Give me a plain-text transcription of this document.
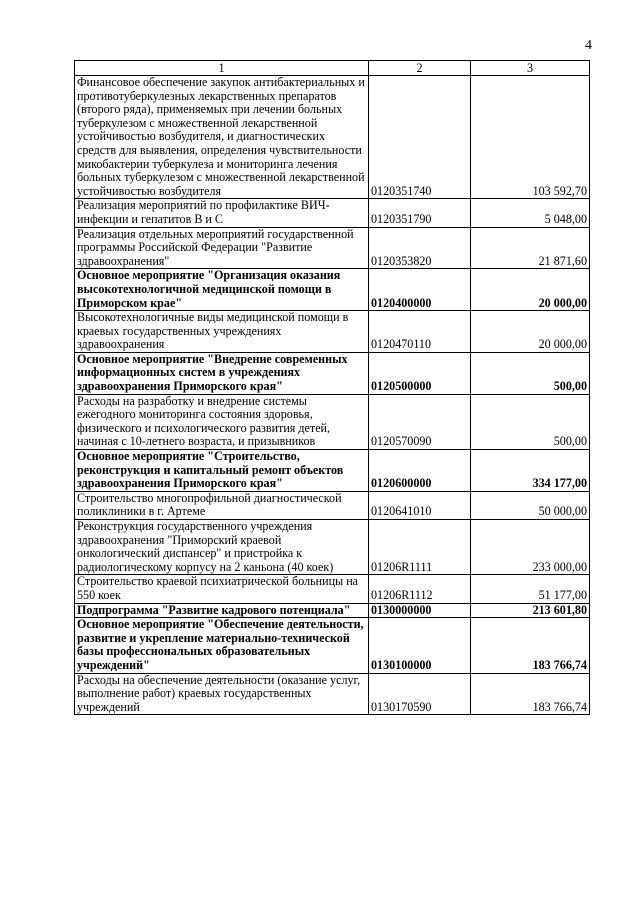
4
1	2	3
Финансовое обеспечение закупок антибактериальных и противотуберкулезных лекарственных препаратов (второго ряда), применяемых при лечении больных туберкулезом с множественной лекарственной устойчивостью возбудителя, и диагностических средств для выявления, определения чувствительности микобактерии туберкулеза и мониторинга лечения больных туберкулезом с множественной лекарственной устойчивостью возбудителя	0120351740	103 592,70
Реализация мероприятий по профилактике ВИЧ-инфекции и гепатитов B и C	0120351790	5 048,00
Реализация отдельных мероприятий государственной программы Российской Федерации "Развитие здравоохранения"	0120353820	21 871,60
Основное мероприятие "Организация оказания высокотехнологичной медицинской помощи в Приморском крае"	0120400000	20 000,00
Высокотехнологичные виды медицинской помощи в краевых государственных учреждениях здравоохранения	0120470110	20 000,00
Основное мероприятие "Внедрение современных информационных систем в учреждениях здравоохранения Приморского края"	0120500000	500,00
Расходы на разработку и внедрение системы ежегодного мониторинга состояния здоровья, физического и психологического развития детей, начиная с 10-летнего возраста, и призывников	0120570090	500,00
Основное мероприятие "Строительство, реконструкция и капитальный ремонт объектов здравоохранения Приморского края"	0120600000	334 177,00
Строительство многопрофильной диагностической поликлиники в г. Артеме	0120641010	50 000,00
Реконструкция государственного учреждения здравоохранения "Приморский краевой онкологический диспансер" и пристройка к радиологическому корпусу на 2 каньона (40 коек)	01206R1111	233 000,00
Строительство краевой психиатрической больницы на 550 коек	01206R1112	51 177,00
Подпрограмма "Развитие кадрового потенциала"	0130000000	213 601,80
Основное мероприятие "Обеспечение деятельности, развитие и укрепление материально-технической базы профессиональных образовательных учреждений"	0130100000	183 766,74
Расходы на обеспечение деятельности (оказание услуг, выполнение работ) краевых государственных учреждений	0130170590	183 766,74
